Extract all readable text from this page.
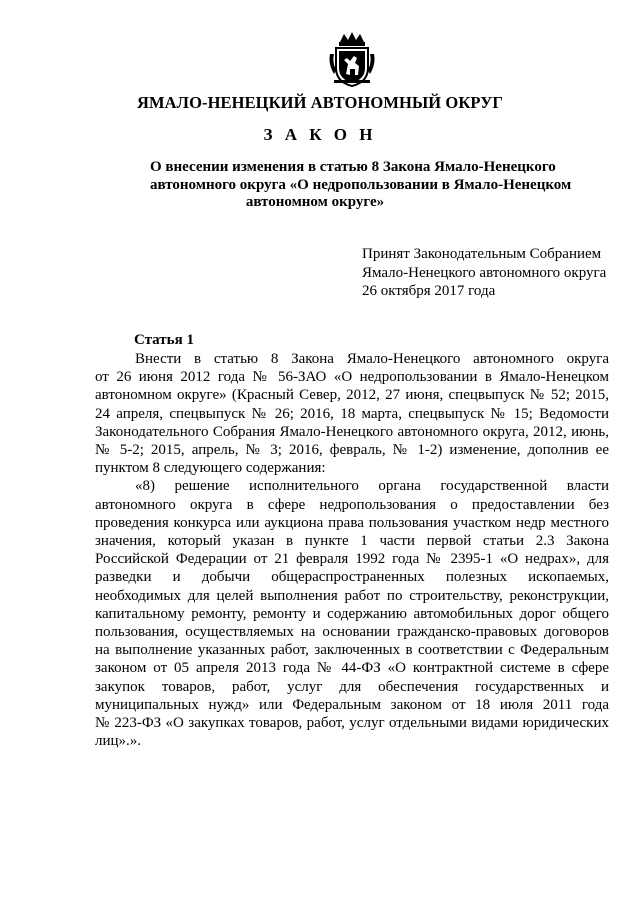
ЯМАЛО-НЕНЕЦКИЙ АВТОНОМНЫЙ ОКРУГ
З А К О Н
О внесении изменения в статью 8 Закона Ямало-Ненецкого
автономного округа «О недропользовании в Ямало-Ненецком
автономном округе»
Принят Законодательным Собранием
Ямало-Ненецкого автономного округа
26 октября 2017 года
Статья 1
Внести в статью 8 Закона Ямало-Ненецкого автономного округа
от 26 июня 2012 года № 56-ЗАО «О недропользовании в Ямало-Ненецком
автономном округе» (Красный Север, 2012, 27 июня, спецвыпуск № 52; 2015,
24 апреля, спецвыпуск № 26; 2016, 18 марта, спецвыпуск № 15; Ведомости
Законодательного Собрания Ямало-Ненецкого автономного округа, 2012, июнь,
№ 5-2; 2015, апрель, № 3; 2016, февраль, № 1-2) изменение, дополнив ее
пунктом 8 следующего содержания:
«8) решение исполнительного органа государственной власти
автономного округа в сфере недропользования о предоставлении без
проведения конкурса или аукциона права пользования участком недр местного
значения, который указан в пункте 1 части первой статьи 2.3 Закона
Российской Федерации от 21 февраля 1992 года № 2395-1 «О недрах», для
разведки и добычи общераспространенных полезных ископаемых,
необходимых для целей выполнения работ по строительству, реконструкции,
капитальному ремонту, ремонту и содержанию автомобильных дорог общего
пользования, осуществляемых на основании гражданско-правовых договоров
на выполнение указанных работ, заключенных в соответствии с Федеральным
законом от 05 апреля 2013 года № 44-ФЗ «О контрактной системе в сфере
закупок товаров, работ, услуг для обеспечения государственных и
муниципальных нужд» или Федеральным законом от 18 июля 2011 года
№ 223-ФЗ «О закупках товаров, работ, услуг отдельными видами юридических
лиц».».
